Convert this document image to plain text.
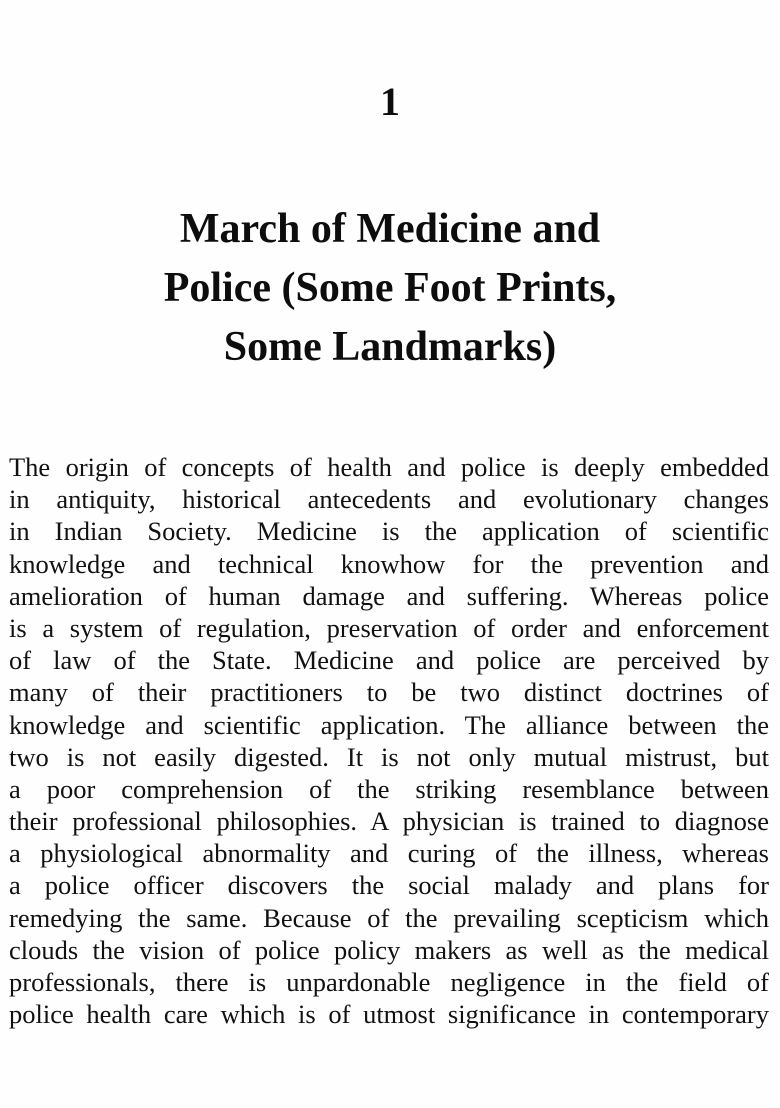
1
March of Medicine and
Police (Some Foot Prints,
Some Landmarks)
The origin of concepts of health and police is deeply embedded
in antiquity, historical antecedents and evolutionary changes
in Indian Society. Medicine is the application of scientific
knowledge and technical knowhow for the prevention and
amelioration of human damage and suffering. Whereas police
is a system of regulation, preservation of order and enforcement
of law of the State. Medicine and police are perceived by
many of their practitioners to be two distinct doctrines of
knowledge and scientific application. The alliance between the
two is not easily digested. It is not only mutual mistrust, but
a poor comprehension of the striking resemblance between
their professional philosophies. A physician is trained to diagnose
a physiological abnormality and curing of the illness, whereas
a police officer discovers the social malady and plans for
remedying the same. Because of the prevailing scepticism which
clouds the vision of police policy makers as well as the medical
professionals, there is unpardonable negligence in the field of
police health care which is of utmost significance in contemporary
